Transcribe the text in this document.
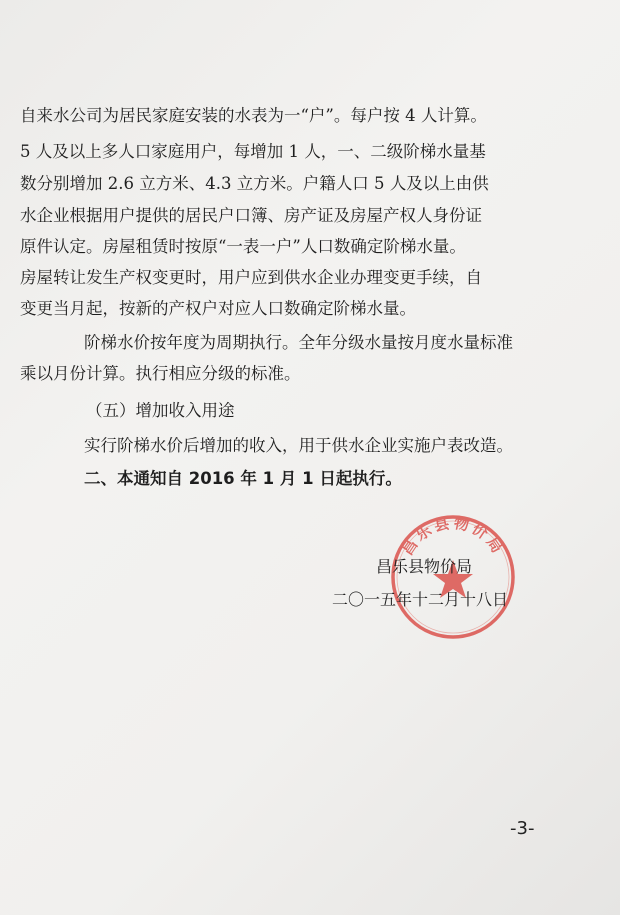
自来水公司为居民家庭安装的水表为一“户”。每户按 4 人计算。
5 人及以上多人口家庭用户，每增加 1 人，一、二级阶梯水量基
数分别增加 2.6 立方米、4.3 立方米。户籍人口 5 人及以上由供
水企业根据用户提供的居民户口簿、房产证及房屋产权人身份证
原件认定。房屋租赁时按原“一表一户”人口数确定阶梯水量。
房屋转让发生产权变更时，用户应到供水企业办理变更手续，自
变更当月起，按新的产权户对应人口数确定阶梯水量。
阶梯水价按年度为周期执行。全年分级水量按月度水量标准
乘以月份计算。执行相应分级的标准。
（五）增加收入用途
实行阶梯水价后增加的收入，用于供水企业实施户表改造。
二、本通知自 2016 年 1 月 1 日起执行。
昌乐县物价局
昌乐县物价局
二〇一五年十二月十八日
-3-
